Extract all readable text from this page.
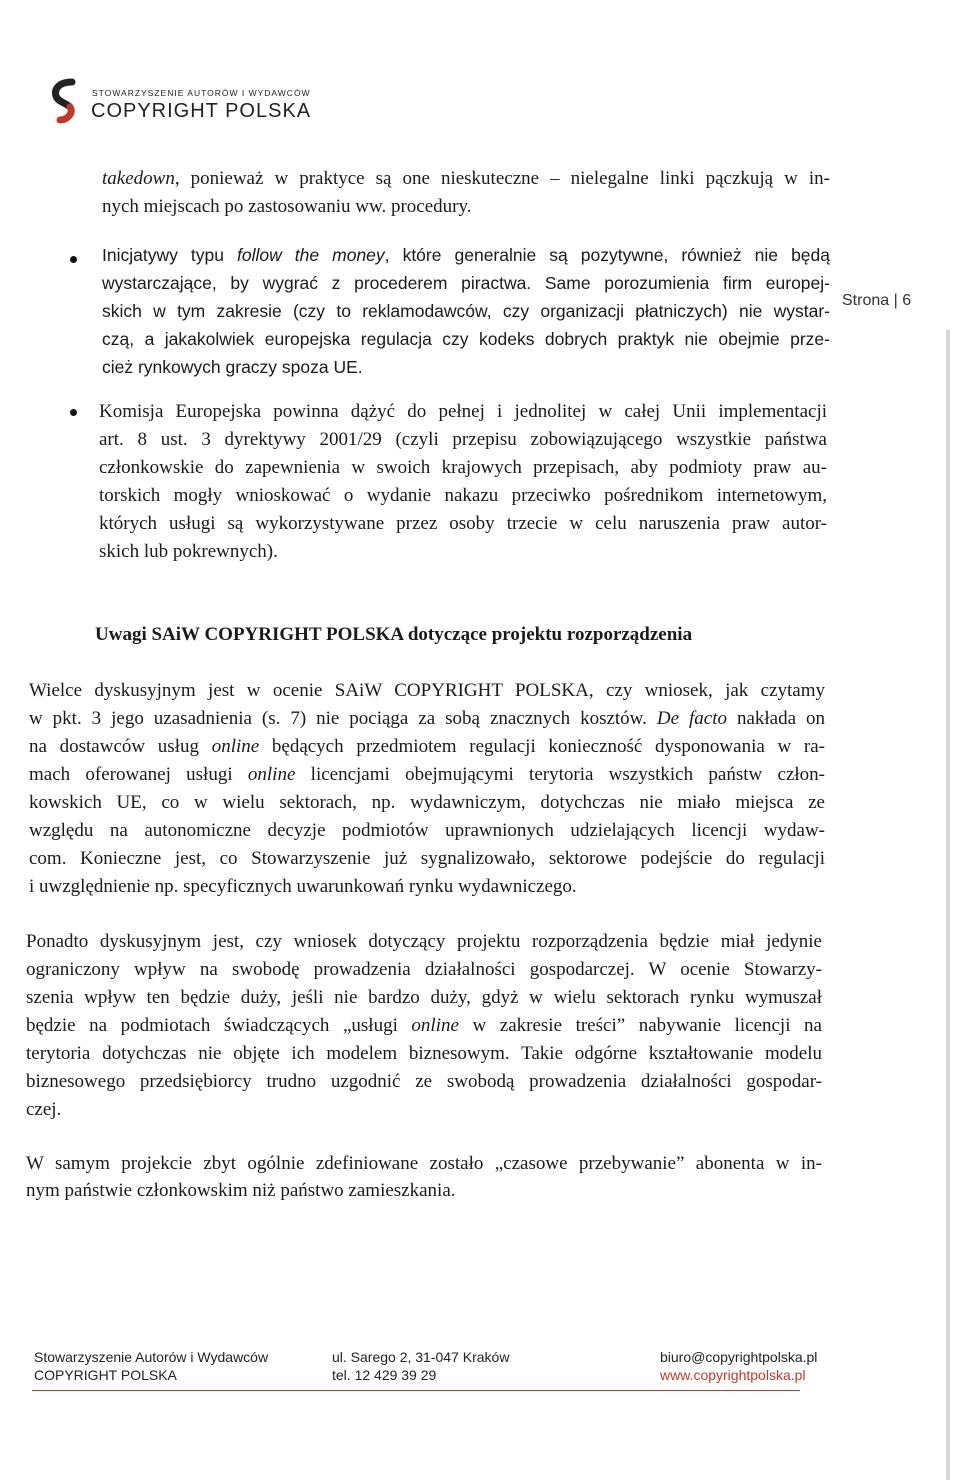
STOWARZYSZENIE AUTORÓW I WYDAWCÓW
COPYRIGHT POLSKA
Strona | 6
takedown, ponieważ w praktyce są one nieskuteczne – nielegalne linki pączkują w in-
nych miejscach po zastosowaniu ww. procedury.
Inicjatywy typu follow the money, które generalnie są pozytywne, również nie będą
wystarczające, by wygrać z procederem piractwa. Same porozumienia firm europej-
skich w tym zakresie (czy to reklamodawców, czy organizacji płatniczych) nie wystar-
czą, a jakakolwiek europejska regulacja czy kodeks dobrych praktyk nie obejmie prze-
cież rynkowych graczy spoza UE.
Komisja Europejska powinna dążyć do pełnej i jednolitej w całej Unii implementacji
art. 8 ust. 3 dyrektywy 2001/29 (czyli przepisu zobowiązującego wszystkie państwa
członkowskie do zapewnienia w swoich krajowych przepisach, aby podmioty praw au-
torskich mogły wnioskować o wydanie nakazu przeciwko pośrednikom internetowym,
których usługi są wykorzystywane przez osoby trzecie w celu naruszenia praw autor-
skich lub pokrewnych).
Wielce dyskusyjnym jest w ocenie SAiW COPYRIGHT POLSKA, czy wniosek, jak czytamy
w pkt. 3 jego uzasadnienia (s. 7) nie pociąga za sobą znacznych kosztów. De facto nakłada on
na dostawców usług online będących przedmiotem regulacji konieczność dysponowania w ra-
mach oferowanej usługi online licencjami obejmującymi terytoria wszystkich państw człon-
kowskich UE, co w wielu sektorach, np. wydawniczym, dotychczas nie miało miejsca ze
względu na autonomiczne decyzje podmiotów uprawnionych udzielających licencji wydaw-
com. Konieczne jest, co Stowarzyszenie już sygnalizowało, sektorowe podejście do regulacji
i uwzględnienie np. specyficznych uwarunkowań rynku wydawniczego.
Ponadto dyskusyjnym jest, czy wniosek dotyczący projektu rozporządzenia będzie miał jedynie
ograniczony wpływ na swobodę prowadzenia działalności gospodarczej. W ocenie Stowarzy-
szenia wpływ ten będzie duży, jeśli nie bardzo duży, gdyż w wielu sektorach rynku wymuszał
będzie na podmiotach świadczących „usługi online w zakresie treści” nabywanie licencji na
terytoria dotychczas nie objęte ich modelem biznesowym. Takie odgórne kształtowanie modelu
biznesowego przedsiębiorcy trudno uzgodnić ze swobodą prowadzenia działalności gospodar-
czej.
W samym projekcie zbyt ogólnie zdefiniowane zostało „czasowe przebywanie” abonenta w in-
nym państwie członkowskim niż państwo zamieszkania.
Uwagi SAiW COPYRIGHT POLSKA dotyczące projektu rozporządzenia
Stowarzyszenie Autorów i Wydawców
COPYRIGHT POLSKA
ul. Sarego 2, 31-047 Kraków
tel. 12 429 39 29
biuro@copyrightpolska.pl
www.copyrightpolska.pl
